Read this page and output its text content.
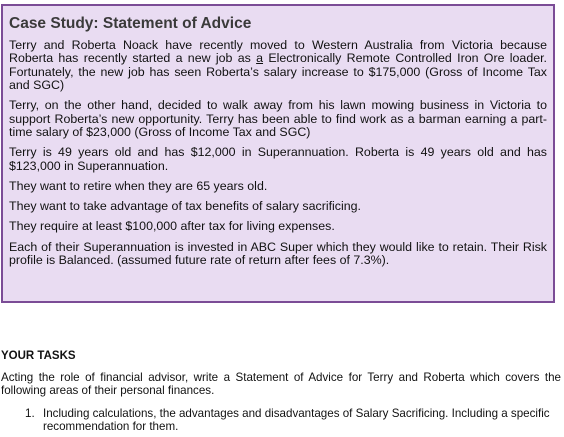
Case Study: Statement of Advice

Terry and Roberta Noack have recently moved to Western Australia from Victoria because Roberta has recently started a new job as a Electronically Remote Controlled Iron Ore loader. Fortunately, the new job has seen Roberta’s salary increase to $175,000 (Gross of Income Tax and SGC)

Terry, on the other hand, decided to walk away from his lawn mowing business in Victoria to support Roberta’s new opportunity. Terry has been able to find work as a barman earning a part-time salary of $23,000 (Gross of Income Tax and SGC)

Terry is 49 years old and has $12,000 in Superannuation. Roberta is 49 years old and has $123,000 in Superannuation.

They want to retire when they are 65 years old.

They want to take advantage of tax benefits of salary sacrificing.

They require at least $100,000 after tax for living expenses.

Each of their Superannuation is invested in ABC Super which they would like to retain. Their Risk profile is Balanced. (assumed future rate of return after fees of 7.3%).

YOUR TASKS

Acting the role of financial advisor, write a Statement of Advice for Terry and Roberta which covers the following areas of their personal finances.

1. Including calculations, the advantages and disadvantages of Salary Sacrificing. Including a specific recommendation for them.
